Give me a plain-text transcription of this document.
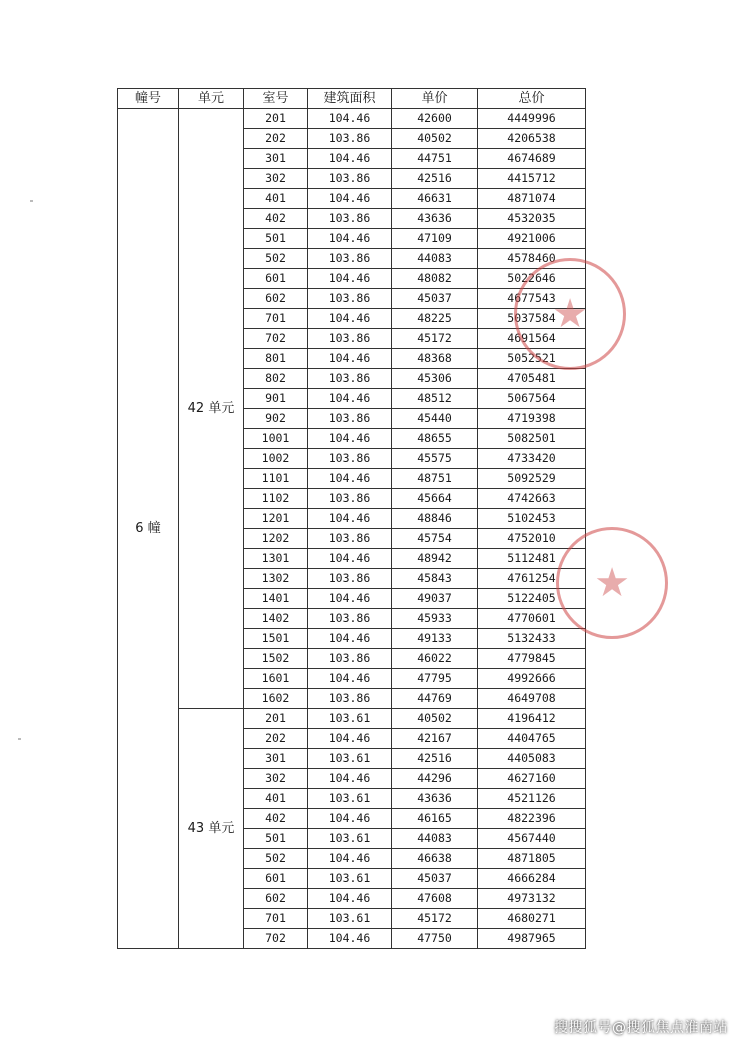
幢号	单元	室号	建筑面积	单价	总价
6 幢	42 单元	201	104.46	42600	4449996
		202	103.86	40502	4206538
		301	104.46	44751	4674689
		302	103.86	42516	4415712
		401	104.46	46631	4871074
		402	103.86	43636	4532035
		501	104.46	47109	4921006
		502	103.86	44083	4578460
		601	104.46	48082	5022646
		602	103.86	45037	4677543
		701	104.46	48225	5037584
		702	103.86	45172	4691564
		801	104.46	48368	5052521
		802	103.86	45306	4705481
		901	104.46	48512	5067564
		902	103.86	45440	4719398
		1001	104.46	48655	5082501
		1002	103.86	45575	4733420
		1101	104.46	48751	5092529
		1102	103.86	45664	4742663
		1201	104.46	48846	5102453
		1202	103.86	45754	4752010
		1301	104.46	48942	5112481
		1302	103.86	45843	4761254
		1401	104.46	49037	5122405
		1402	103.86	45933	4770601
		1501	104.46	49133	5132433
		1502	103.86	46022	4779845
		1601	104.46	47795	4992666
		1602	103.86	44769	4649708
	43 单元	201	103.61	40502	4196412
		202	104.46	42167	4404765
		301	103.61	42516	4405083
		302	104.46	44296	4627160
		401	103.61	43636	4521126
		402	104.46	46165	4822396
		501	103.61	44083	4567440
		502	104.46	46638	4871805
		601	103.61	45037	4666284
		602	104.46	47608	4973132
		701	103.61	45172	4680271
		702	104.46	47750	4987965
★
★
搜搜狐号@搜狐焦点淮南站
